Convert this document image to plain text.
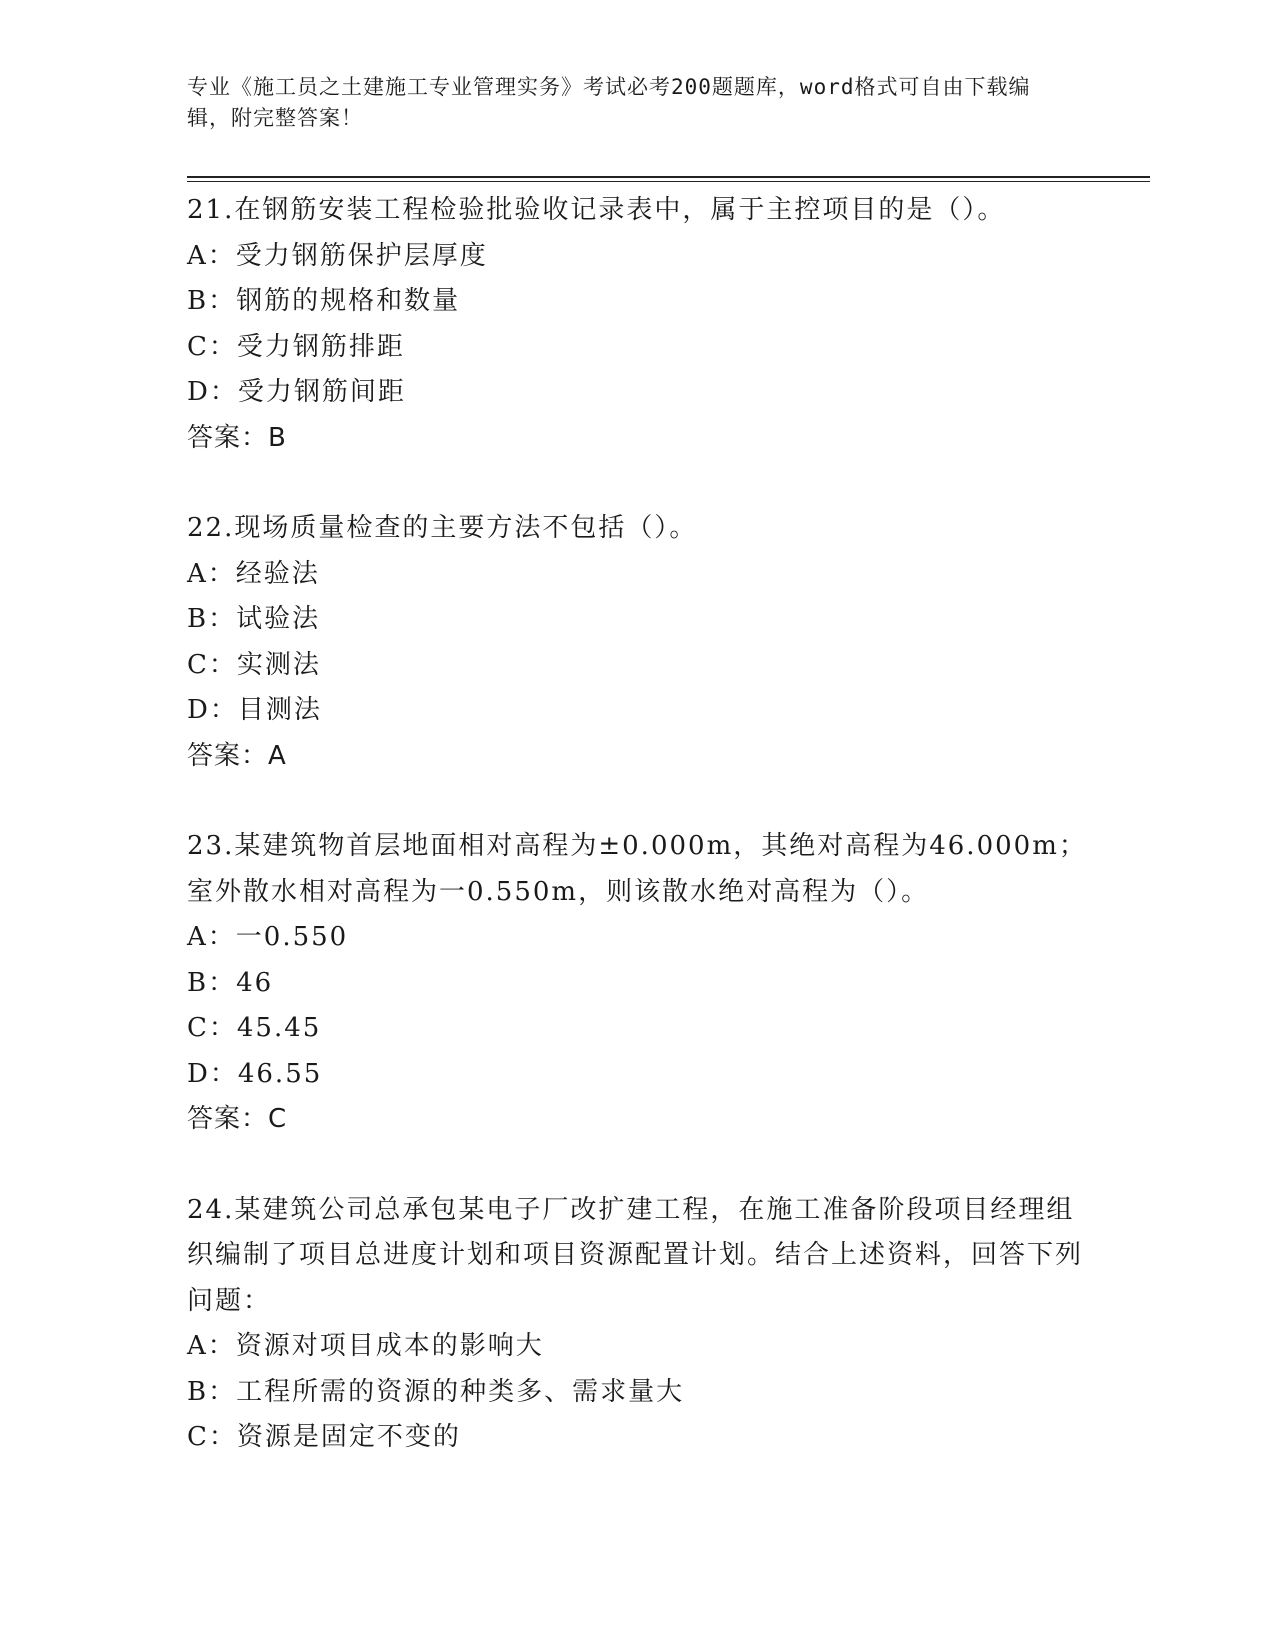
专业《施工员之土建施工专业管理实务》考试必考200题题库，word格式可自由下载编辑，附完整答案！
21.在钢筋安装工程检验批验收记录表中，属于主控项目的是（）。
A：受力钢筋保护层厚度
B：钢筋的规格和数量
C：受力钢筋排距
D：受力钢筋间距
答案：B
22.现场质量检查的主要方法不包括（）。
A：经验法
B：试验法
C：实测法
D：目测法
答案：A
23.某建筑物首层地面相对高程为±0.000m，其绝对高程为46.000m；室外散水相对高程为一0.550m，则该散水绝对高程为（）。
A：一0.550
B：46
C：45.45
D：46.55
答案：C
24.某建筑公司总承包某电子厂改扩建工程，在施工准备阶段项目经理组织编制了项目总进度计划和项目资源配置计划。结合上述资料，回答下列问题：
A：资源对项目成本的影响大
B：工程所需的资源的种类多、需求量大
C：资源是固定不变的
